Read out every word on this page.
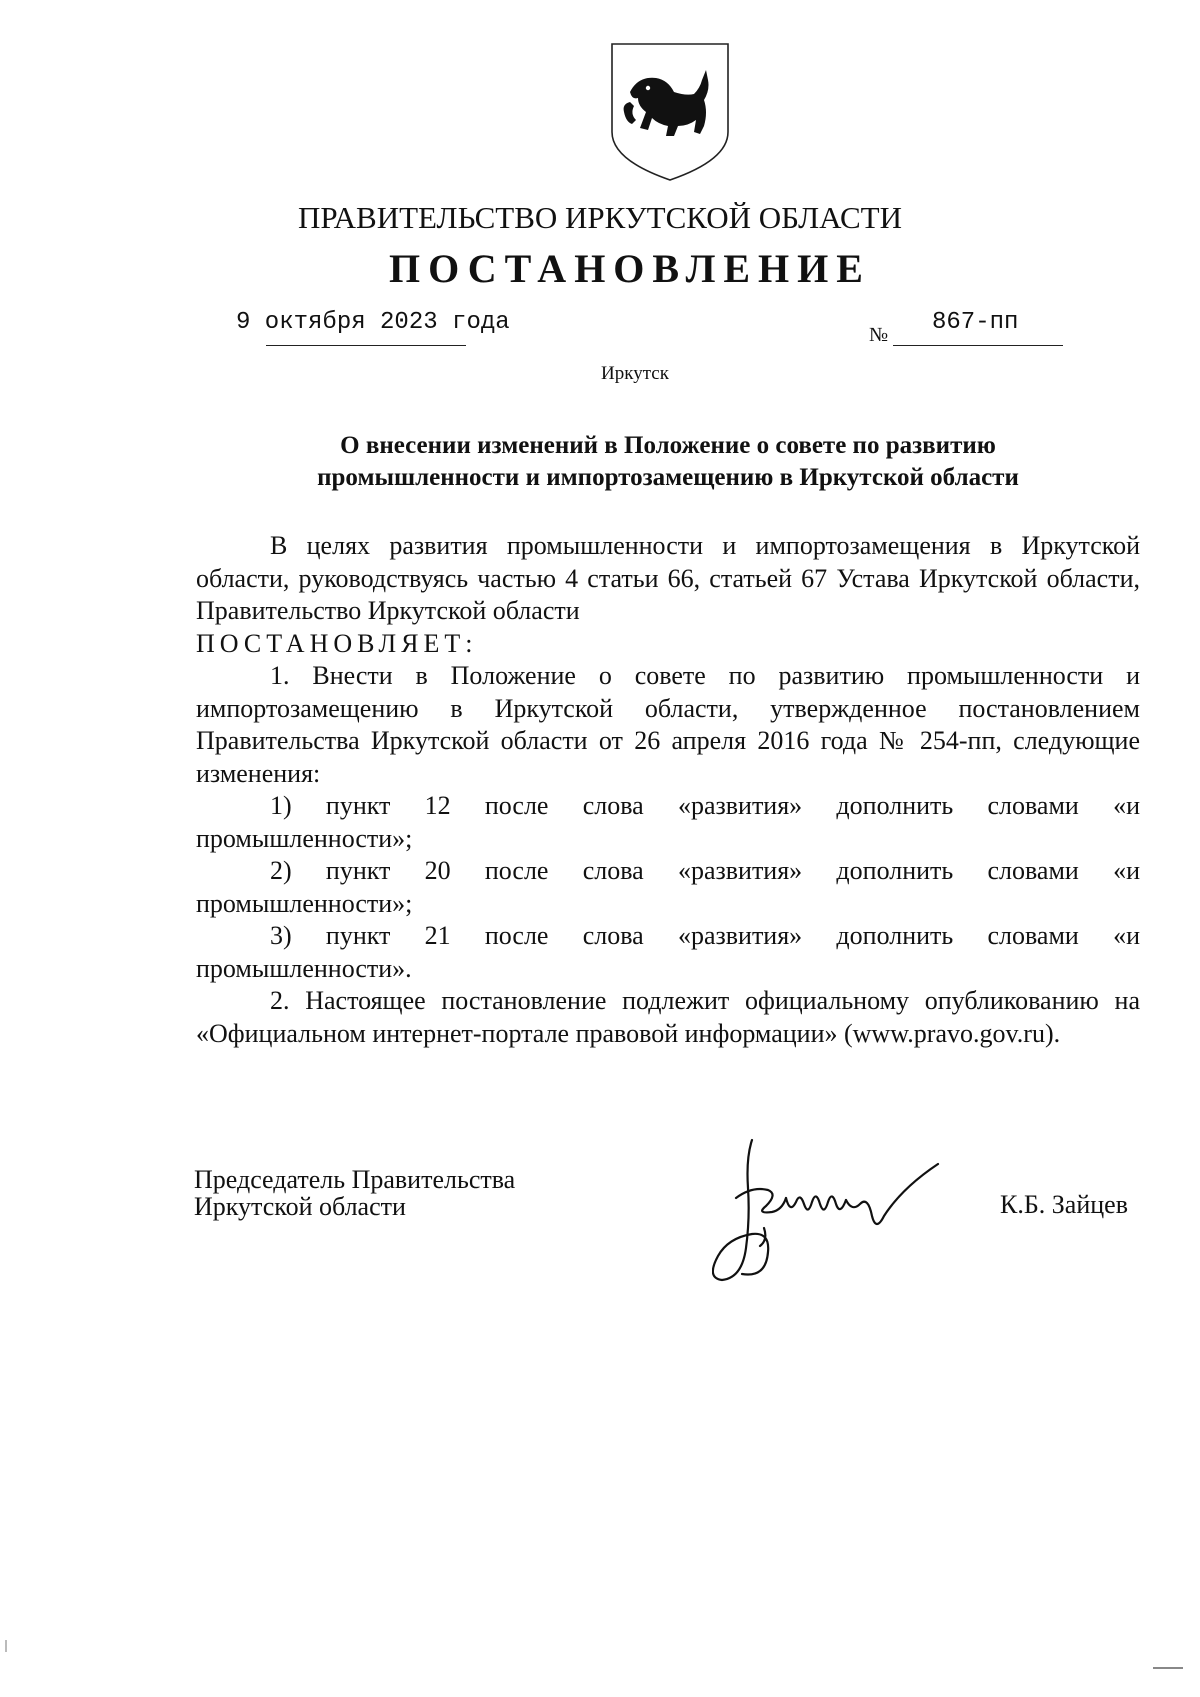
ПРАВИТЕЛЬСТВО ИРКУТСКОЙ ОБЛАСТИ
ПОСТАНОВЛЕНИЕ
9 октября 2023 года	№ 867-пп
Иркутск
О внесении изменений в Положение о совете по развитию
промышленности и импортозамещению в Иркутской области

В целях развития промышленности и импортозамещения в Иркутской области, руководствуясь частью 4 статьи 66, статьей 67 Устава Иркутской области, Правительство Иркутской области

ПОСТАНОВЛЯЕТ:

1. Внести в Положение о совете по развитию промышленности и импортозамещению в Иркутской области, утвержденное постановлением Правительства Иркутской области от 26 апреля 2016 года № 254-пп, следующие изменения:

1) пункт 12 после слова «развития» дополнить словами «и промышленности»;

2) пункт 20 после слова «развития» дополнить словами «и промышленности»;

3) пункт 21 после слова «развития» дополнить словами «и промышленности».

2. Настоящее постановление подлежит официальному опубликованию на «Официальном интернет-портале правовой информации» (www.pravo.gov.ru).

Председатель Правительства
Иркутской области	К.Б. Зайцев
